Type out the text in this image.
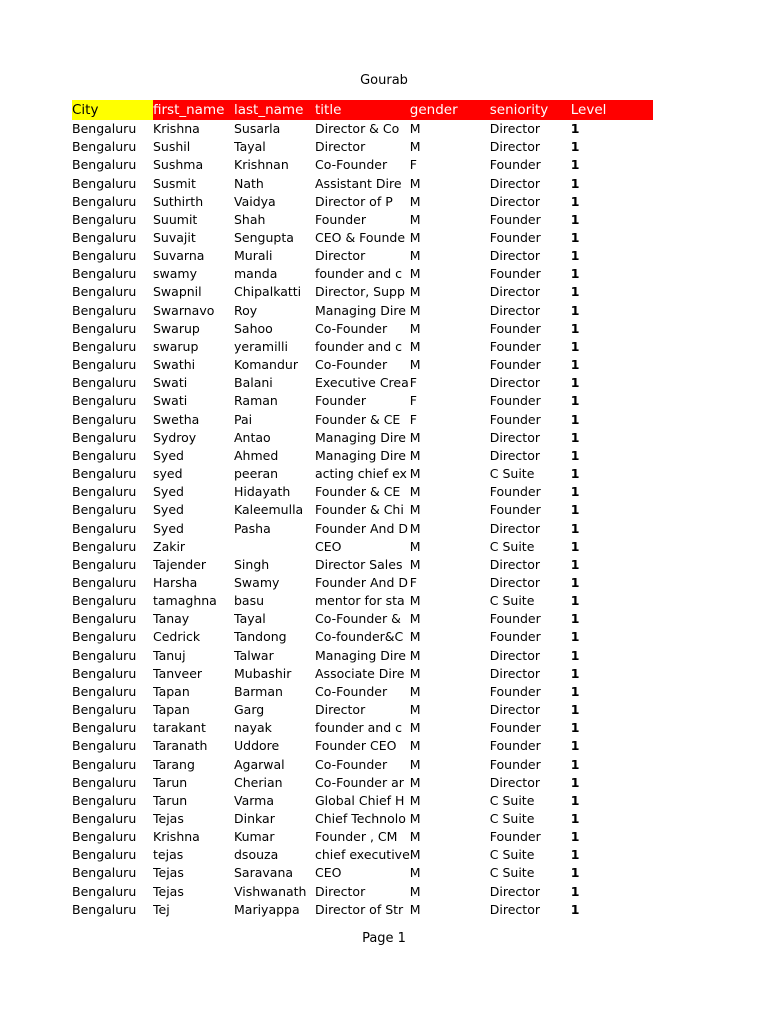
Gourab
City	first_name	last_name	title	gender	seniority	Level
Bengaluru	Krishna	Susarla	Director & Co	M	Director	1
Bengaluru	Sushil	Tayal	Director	M	Director	1
Bengaluru	Sushma	Krishnan	Co-Founder	F	Founder	1
Bengaluru	Susmit	Nath	Assistant Dire	M	Director	1
Bengaluru	Suthirth	Vaidya	Director of P	M	Director	1
Bengaluru	Suumit	Shah	Founder	M	Founder	1
Bengaluru	Suvajit	Sengupta	CEO & Founde	M	Founder	1
Bengaluru	Suvarna	Murali	Director	M	Director	1
Bengaluru	swamy	manda	founder and c	M	Founder	1
Bengaluru	Swapnil	Chipalkatti	Director, Supp	M	Director	1
Bengaluru	Swarnavo	Roy	Managing Dire	M	Director	1
Bengaluru	Swarup	Sahoo	Co-Founder	M	Founder	1
Bengaluru	swarup	yeramilli	founder and c	M	Founder	1
Bengaluru	Swathi	Komandur	Co-Founder	M	Founder	1
Bengaluru	Swati	Balani	Executive Crea	F	Director	1
Bengaluru	Swati	Raman	Founder	F	Founder	1
Bengaluru	Swetha	Pai	Founder & CE	F	Founder	1
Bengaluru	Sydroy	Antao	Managing Dire	M	Director	1
Bengaluru	Syed	Ahmed	Managing Dire	M	Director	1
Bengaluru	syed	peeran	acting chief ex	M	C Suite	1
Bengaluru	Syed	Hidayath	Founder & CE	M	Founder	1
Bengaluru	Syed	Kaleemulla	Founder & Chi	M	Founder	1
Bengaluru	Syed	Pasha	Founder And D	M	Director	1
Bengaluru	Zakir		CEO	M	C Suite	1
Bengaluru	Tajender	Singh	Director Sales	M	Director	1
Bengaluru	Harsha	Swamy	Founder And D	F	Director	1
Bengaluru	tamaghna	basu	mentor for sta	M	C Suite	1
Bengaluru	Tanay	Tayal	Co-Founder &	M	Founder	1
Bengaluru	Cedrick	Tandong	Co-founder&C	M	Founder	1
Bengaluru	Tanuj	Talwar	Managing Dire	M	Director	1
Bengaluru	Tanveer	Mubashir	Associate Dire	M	Director	1
Bengaluru	Tapan	Barman	Co-Founder	M	Founder	1
Bengaluru	Tapan	Garg	Director	M	Director	1
Bengaluru	tarakant	nayak	founder and c	M	Founder	1
Bengaluru	Taranath	Uddore	Founder CEO	M	Founder	1
Bengaluru	Tarang	Agarwal	Co-Founder	M	Founder	1
Bengaluru	Tarun	Cherian	Co-Founder ar	M	Director	1
Bengaluru	Tarun	Varma	Global Chief H	M	C Suite	1
Bengaluru	Tejas	Dinkar	Chief Technolo	M	C Suite	1
Bengaluru	Krishna	Kumar	Founder , CM	M	Founder	1
Bengaluru	tejas	dsouza	chief executive	M	C Suite	1
Bengaluru	Tejas	Saravana	CEO	M	C Suite	1
Bengaluru	Tejas	Vishwanath	Director	M	Director	1
Bengaluru	Tej	Mariyappa	Director of Str	M	Director	1
Page 1
